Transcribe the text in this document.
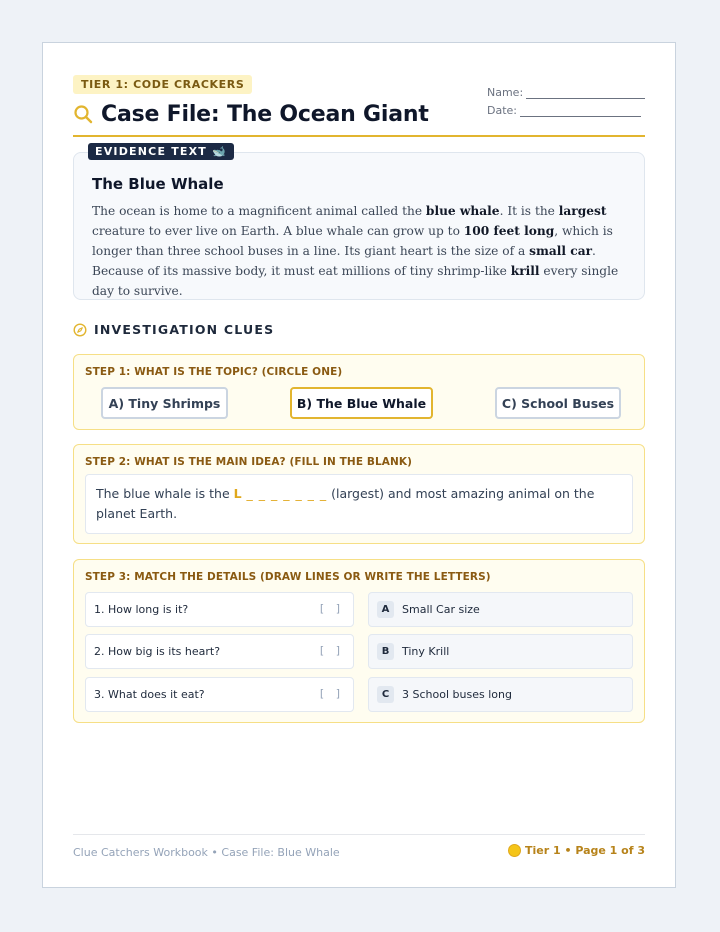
TIER 1: CODE CRACKERS
Case File: The Ocean Giant
Name:
Date:
EVIDENCE TEXT 🐋
The Blue Whale
The ocean is home to a magnificent animal called the blue whale. It is the largest creature to ever live on Earth. A blue whale can grow up to 100 feet long, which is longer than three school buses in a line. Its giant heart is the size of a small car. Because of its massive body, it must eat millions of tiny shrimp-like krill every single day to survive.
INVESTIGATION CLUES
STEP 1: WHAT IS THE TOPIC? (CIRCLE ONE)
A) Tiny Shrimps	B) The Blue Whale	C) School Buses
STEP 2: WHAT IS THE MAIN IDEA? (FILL IN THE BLANK)
The blue whale is the L _ _ _ _ _ _ _ (largest) and most amazing animal on the planet Earth.
STEP 3: MATCH THE DETAILS (DRAW LINES OR WRITE THE LETTERS)
1. How long is it?	[ ]
2. How big is its heart?	[ ]
3. What does it eat?	[ ]
A	Small Car size
B	Tiny Krill
C	3 School buses long
Clue Catchers Workbook • Case File: Blue Whale	Tier 1 • Page 1 of 3
